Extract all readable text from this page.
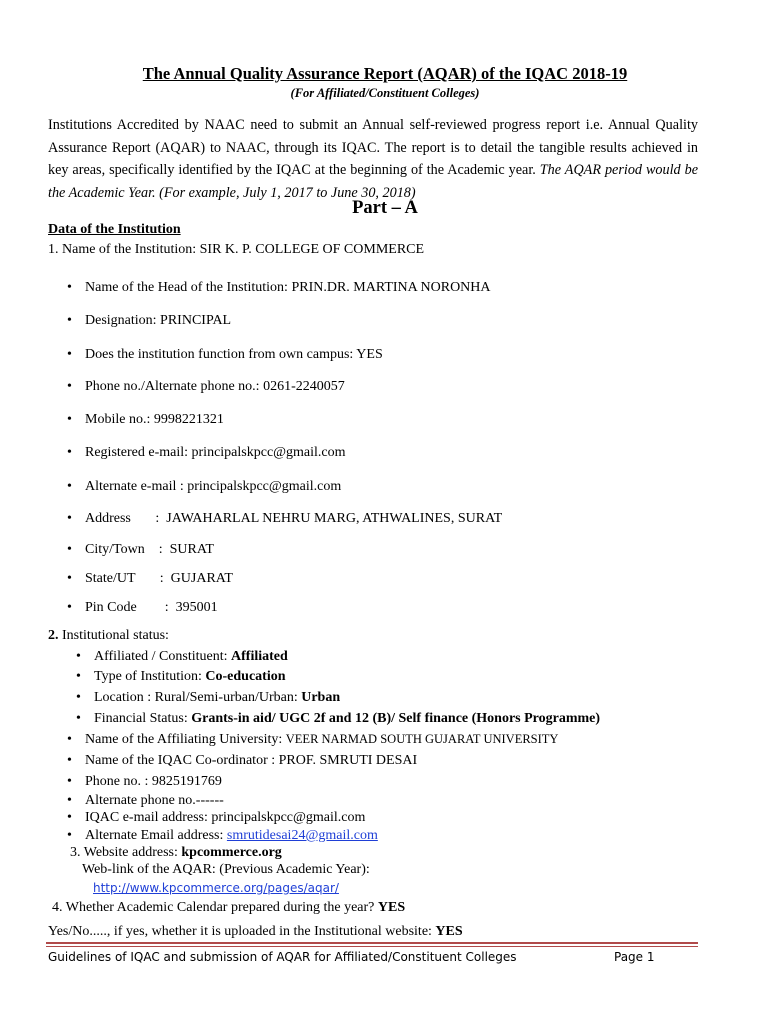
The Annual Quality Assurance Report (AQAR) of the IQAC 2018-19
(For Affiliated/Constituent Colleges)
Institutions Accredited by NAAC need to submit an Annual self-reviewed progress report i.e. Annual Quality Assurance Report (AQAR) to NAAC, through its IQAC. The report is to detail the tangible results achieved in key areas, specifically identified by the IQAC at the beginning of the Academic year. The AQAR period would be the Academic Year. (For example, July 1, 2017 to June 30, 2018)
Part – A
Data of the Institution
1. Name of the Institution: SIR K. P. COLLEGE OF COMMERCE
• Name of the Head of the Institution: PRIN.DR. MARTINA NORONHA
• Designation: PRINCIPAL
• Does the institution function from own campus: YES
• Phone no./Alternate phone no.: 0261-2240057
• Mobile no.: 9998221321
• Registered e-mail: principalskpcc@gmail.com
• Alternate e-mail : principalskpcc@gmail.com
• Address       :  JAWAHARLAL NEHRU MARG, ATHWALINES, SURAT
• City/Town    :  SURAT
• State/UT       :  GUJARAT
• Pin Code        :  395001
2. Institutional status:
• Affiliated / Constituent: Affiliated
• Type of Institution: Co-education
• Location : Rural/Semi-urban/Urban: Urban
• Financial Status: Grants-in aid/ UGC 2f and 12 (B)/ Self finance (Honors Programme)
• Name of the Affiliating University: VEER NARMAD SOUTH GUJARAT UNIVERSITY
• Name of the IQAC Co-ordinator : PROF. SMRUTI DESAI
• Phone no. : 9825191769
• Alternate phone no.------
• IQAC e-mail address: principalskpcc@gmail.com
• Alternate Email address: smrutidesai24@gmail.com
3. Website address: kpcommerce.org
Web-link of the AQAR: (Previous Academic Year):
http://www.kpcommerce.org/pages/aqar/
4. Whether Academic Calendar prepared during the year? YES
Yes/No....., if yes, whether it is uploaded in the Institutional website: YES
Guidelines of IQAC and submission of AQAR for Affiliated/Constituent Colleges	Page 1
